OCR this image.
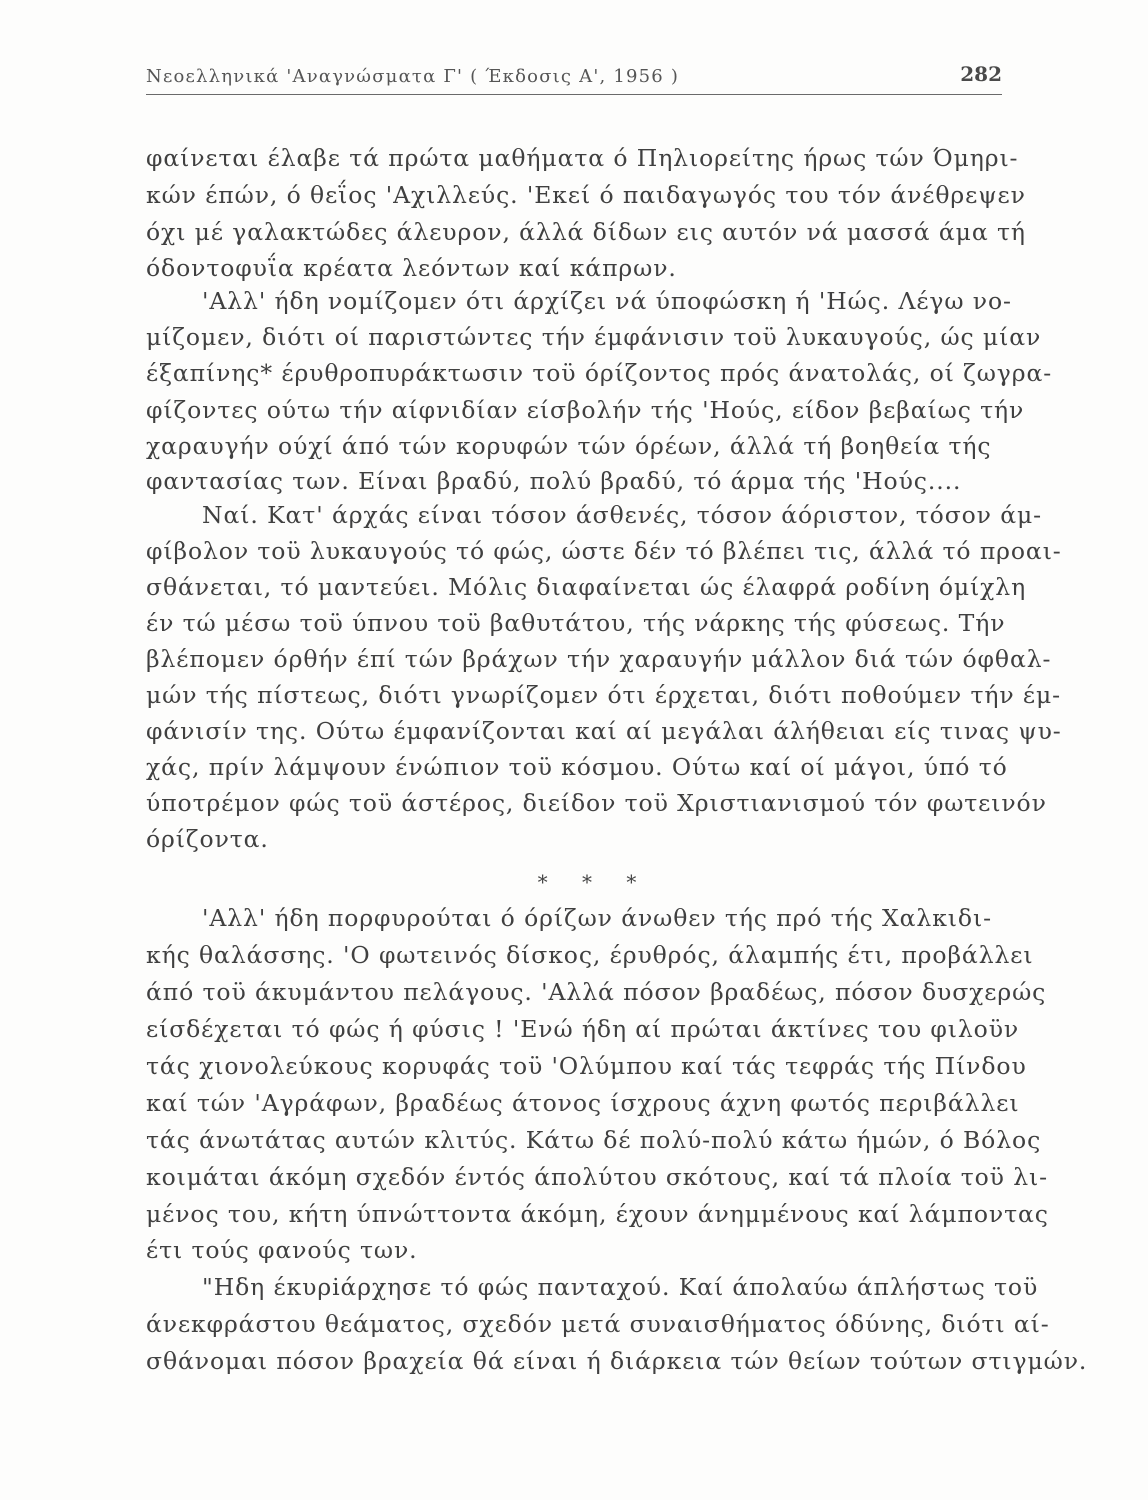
Νεοελληνικά 'Αναγνώσματα Γ' ( Έκδοσις Α', 1956 )	282
φαίνεται έλαβε τά πρώτα μαθήματα ό Πηλιορείτης ήρως τών Όμηρι-
κών έπών, ό θεΐος 'Αχιλλεύς. 'Εκεί ό παιδαγωγός του τόν άνέθρεψεν
όχι μέ γαλακτώδες άλευρον, άλλά δίδων εις αυτόν νά μασσά άμα τή
όδοντοφυΐα κρέατα λεόντων καί κάπρων.
'Αλλ' ήδη νομίζομεν ότι άρχίζει νά ύποφώσκη ή 'Ηώς. Λέγω νο-
μίζομεν, διότι οί παριστώντες τήν έμφάνισιν τοϋ λυκαυγούς, ώς μίαν
έξαπίνης* έρυθροπυράκτωσιν τοϋ όρίζοντος πρός άνατολάς, οί ζωγρα-
φίζοντες ούτω τήν αίφνιδίαν είσβολήν τής 'Ηούς, είδον βεβαίως τήν
χαραυγήν ούχί άπό τών κορυφών τών όρέων, άλλά τή βοηθεία τής
φαντασίας των. Είναι βραδύ, πολύ βραδύ, τό άρμα τής 'Ηούς....
Ναί. Κατ' άρχάς είναι τόσον άσθενές, τόσον άόριστον, τόσον άμ-
φίβολον τοϋ λυκαυγούς τό φώς, ώστε δέν τό βλέπει τις, άλλά τό προαι-
σθάνεται, τό μαντεύει. Μόλις διαφαίνεται ώς έλαφρά ροδίνη όμίχλη
έν τώ μέσω τοϋ ύπνου τοϋ βαθυτάτου, τής νάρκης τής φύσεως. Τήν
βλέπομεν όρθήν έπί τών βράχων τήν χαραυγήν μάλλον διά τών όφθαλ-
μών τής πίστεως, διότι γνωρίζομεν ότι έρχεται, διότι ποθούμεν τήν έμ-
φάνισίν της. Ούτω έμφανίζονται καί αί μεγάλαι άλήθειαι είς τινας ψυ-
χάς, πρίν λάμψουν ένώπιον τοϋ κόσμου. Ούτω καί οί μάγοι, ύπό τό
ύποτρέμον φώς τοϋ άστέρος, διείδον τοϋ Χριστιανισμού τόν φωτεινόν
όρίζοντα.
* * *
'Αλλ' ήδη πορφυρούται ό όρίζων άνωθεν τής πρό τής Χαλκιδι-
κής θαλάσσης. 'Ο φωτεινός δίσκος, έρυθρός, άλαμπής έτι, προβάλλει
άπό τοϋ άκυμάντου πελάγους. 'Αλλά πόσον βραδέως, πόσον δυσχερώς
είσδέχεται τό φώς ή φύσις ! 'Ενώ ήδη αί πρώται άκτίνες του φιλοϋν
τάς χιονολεύκους κορυφάς τοϋ 'Ολύμπου καί τάς τεφράς τής Πίνδου
καί τών 'Αγράφων, βραδέως άτονος ίσχρους άχνη φωτός περιβάλλει
τάς άνωτάτας αυτών κλιτύς. Κάτω δέ πολύ-πολύ κάτω ήμών, ό Βόλος
κοιμάται άκόμη σχεδόν έντός άπολύτου σκότους, καί τά πλοία τοϋ λι-
μένος του, κήτη ύπνώττοντα άκόμη, έχουν άνημμένους καί λάμποντας
έτι τούς φανούς των.
"Ηδη έκυρiάρχησε τό φώς πανταχού. Καί άπολαύω άπλήστως τοϋ
άνεκφράστου θεάματος, σχεδόν μετά συναισθήματος όδύνης, διότι αί-
σθάνομαι πόσον βραχεία θά είναι ή διάρκεια τών θείων τούτων στιγμών.
